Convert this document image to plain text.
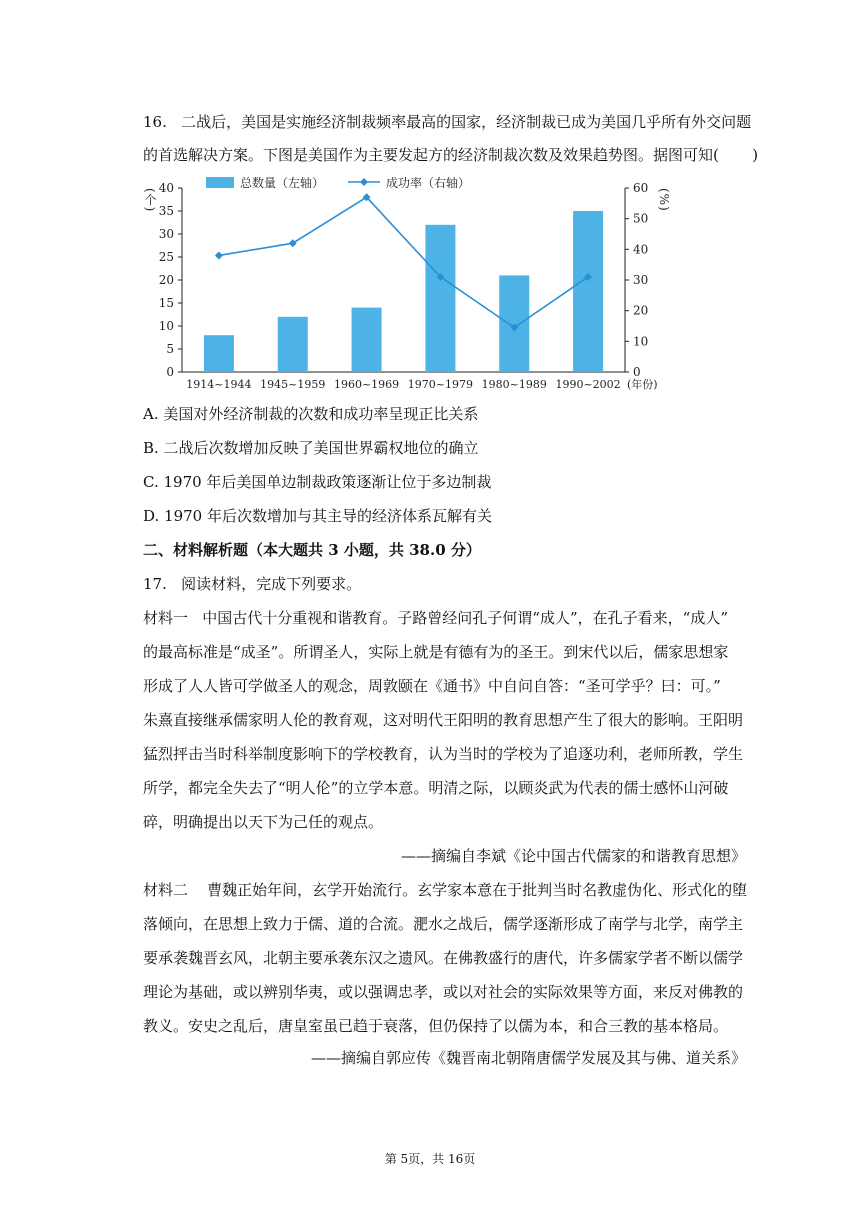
16.   二战后，美国是实施经济制裁频率最高的国家，经济制裁已成为美国几乎所有外交问题
的首选解决方案。下图是美国作为主要发起方的经济制裁次数及效果趋势图。据图可知(       )
总数量（左轴）	成功率（右轴）
0
5
10
15
20
25
30
35
40
0
10
20
30
40
50
60
(个)	(%)
1914~1944 1945~1959 1960~1969 1970~1979 1980~1989 1990~2002 (年份)
A. 美国对外经济制裁的次数和成功率呈现正比关系
B. 二战后次数增加反映了美国世界霸权地位的确立
C. 1970 年后美国单边制裁政策逐渐让位于多边制裁
D. 1970 年后次数增加与其主导的经济体系瓦解有关
二、材料解析题（本大题共 3 小题，共 38.0 分）
17.   阅读材料，完成下列要求。
材料一   中国古代十分重视和谐教育。子路曾经问孔子何谓“成人”，在孔子看来，“成人”
的最高标准是“成圣”。所谓圣人，实际上就是有德有为的圣王。到宋代以后，儒家思想家
形成了人人皆可学做圣人的观念，周敦颐在《通书》中自问自答：“圣可学乎？曰：可。”
朱熹直接继承儒家明人伦的教育观，这对明代王阳明的教育思想产生了很大的影响。王阳明
猛烈抨击当时科举制度影响下的学校教育，认为当时的学校为了追逐功利，老师所教，学生
所学，都完全失去了“明人伦”的立学本意。明清之际，以顾炎武为代表的儒士感怀山河破
碎，明确提出以天下为己任的观点。
——摘编自李斌《论中国古代儒家的和谐教育思想》
材料二    曹魏正始年间，玄学开始流行。玄学家本意在于批判当时名教虚伪化、形式化的堕
落倾向，在思想上致力于儒、道的合流。淝水之战后，儒学逐渐形成了南学与北学，南学主
要承袭魏晋玄风，北朝主要承袭东汉之遗风。在佛教盛行的唐代，许多儒家学者不断以儒学
理论为基础，或以辨别华夷，或以强调忠孝，或以对社会的实际效果等方面，来反对佛教的
教义。安史之乱后，唐皇室虽已趋于衰落，但仍保持了以儒为本，和合三教的基本格局。
——摘编自郭应传《魏晋南北朝隋唐儒学发展及其与佛、道关系》
第 5页，共 16页
